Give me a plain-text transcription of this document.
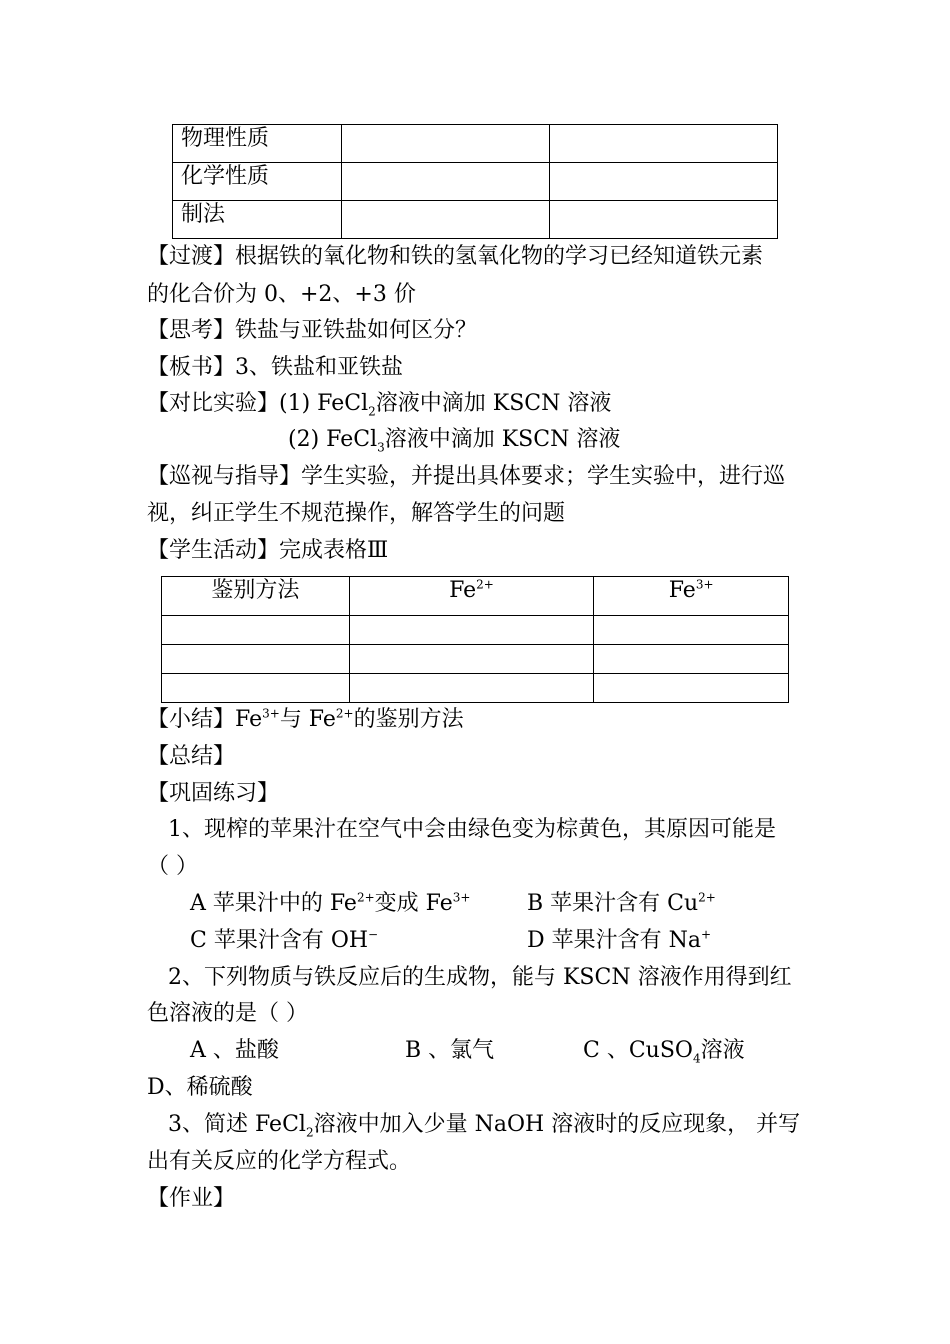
物理性质		
化学性质		
制法		
【过渡】根据铁的氧化物和铁的氢氧化物的学习已经知道铁元素
的化合价为 0、+2、+3 价
【思考】铁盐与亚铁盐如何区分？
【板书】3、铁盐和亚铁盐
【对比实验】(1) FeCl$_2$溶液中滴加 KSCN 溶液
(2) FeCl$_3$溶液中滴加 KSCN 溶液
【巡视与指导】学生实验，并提出具体要求；学生实验中，进行巡
视，纠正学生不规范操作，解答学生的问题
【学生活动】完成表格Ⅲ
鉴别方法	$Fe^{2+}$	$Fe^{3+}$

【小结】$Fe^{3+}$与 $Fe^{2+}$的鉴别方法
【总结】
【巩固练习】
1、现榨的苹果汁在空气中会由绿色变为棕黄色，其原因可能是
（ ）
A 苹果汁中的 $Fe^{2+}$变成 $Fe^{3+}$	B 苹果汁含有 $Cu^{2+}$
C 苹果汁含有 OH−	D 苹果汁含有 Na+
2、下列物质与铁反应后的生成物，能与 KSCN 溶液作用得到红
色溶液的是（ ）
A 、盐酸	B 、氯气	C 、CuSO$_4$溶液
D、稀硫酸
3、简述 FeCl$_2$溶液中加入少量 NaOH 溶液时的反应现象， 并写
出有关反应的化学方程式。
【作业】
